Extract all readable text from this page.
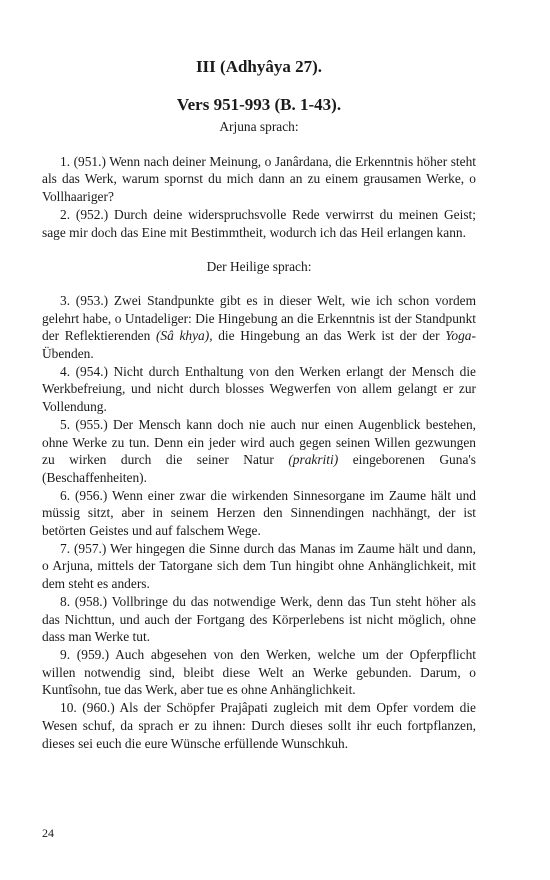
III (Adhyâya 27).
Vers 951-993 (B. 1-43).

Arjuna sprach:

1. (951.) Wenn nach deiner Meinung, o Janârdana, die Erkenntnis höher steht als das Werk, warum spornst du mich dann an zu einem grausamen Werke, o Vollhaariger?

2. (952.) Durch deine widerspruchsvolle Rede verwirrst du meinen Geist; sage mir doch das Eine mit Bestimmtheit, wodurch ich das Heil erlangen kann.

Der Heilige sprach:

3. (953.) Zwei Standpunkte gibt es in dieser Welt, wie ich schon vordem gelehrt habe, o Untadeliger: Die Hingebung an die Erkenntnis ist der Standpunkt der Reflektierenden (Sâ khya), die Hingebung an das Werk ist der der Yoga-Übenden.

4. (954.) Nicht durch Enthaltung von den Werken erlangt der Mensch die Werkbefreiung, und nicht durch blosses Wegwerfen von allem gelangt er zur Vollendung.

5. (955.) Der Mensch kann doch nie auch nur einen Augenblick bestehen, ohne Werke zu tun. Denn ein jeder wird auch gegen seinen Willen gezwungen zu wirken durch die seiner Natur (prakriti) eingeborenen Guna's (Beschaffenheiten).

6. (956.) Wenn einer zwar die wirkenden Sinnesorgane im Zaume hält und müssig sitzt, aber in seinem Herzen den Sinnendingen nachhängt, der ist betörten Geistes und auf falschem Wege.

7. (957.) Wer hingegen die Sinne durch das Manas im Zaume hält und dann, o Arjuna, mittels der Tatorgane sich dem Tun hingibt ohne Anhänglichkeit, mit dem steht es anders.

8. (958.) Vollbringe du das notwendige Werk, denn das Tun steht höher als das Nichttun, und auch der Fortgang des Körperlebens ist nicht möglich, ohne dass man Werke tut.

9. (959.) Auch abgesehen von den Werken, welche um der Opferpflicht willen notwendig sind, bleibt diese Welt an Werke gebunden. Darum, o Kuntîsohn, tue das Werk, aber tue es ohne Anhänglichkeit.

10. (960.) Als der Schöpfer Prajâpati zugleich mit dem Opfer vordem die Wesen schuf, da sprach er zu ihnen: Durch dieses sollt ihr euch fortpflanzen, dieses sei euch die eure Wünsche erfüllende Wunschkuh.

24
